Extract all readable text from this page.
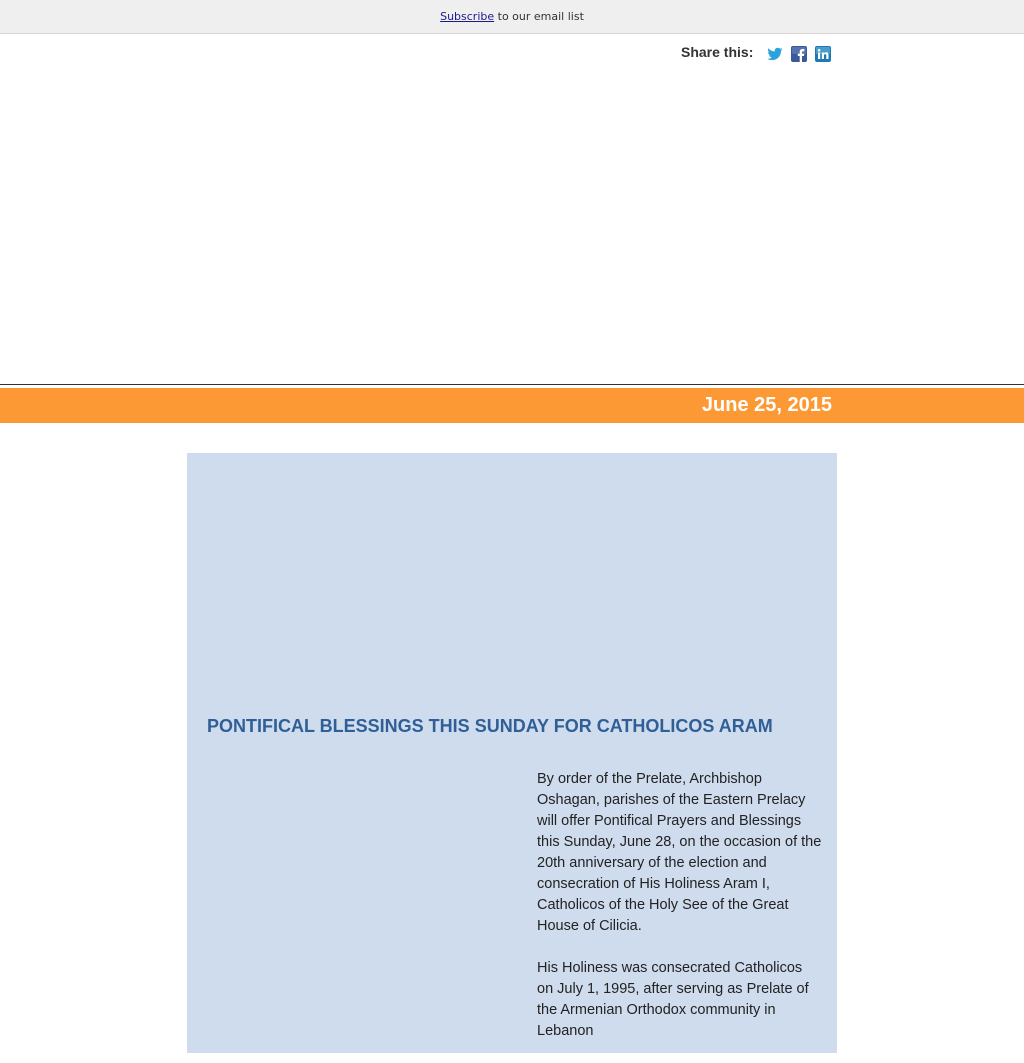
Subscribe to our email list
Share this:
June 25, 2015
PONTIFICAL BLESSINGS THIS SUNDAY FOR CATHOLICOS ARAM

By order of the Prelate, Archbishop Oshagan, parishes of the Eastern Prelacy will offer Pontifical Prayers and Blessings this Sunday, June 28, on the occasion of the 20th anniversary of the election and consecration of His Holiness Aram I, Catholicos of the Holy See of the Great House of Cilicia.

His Holiness was consecrated Catholicos on July 1, 1995, after serving as Prelate of the Armenian Orthodox community in Lebanon
